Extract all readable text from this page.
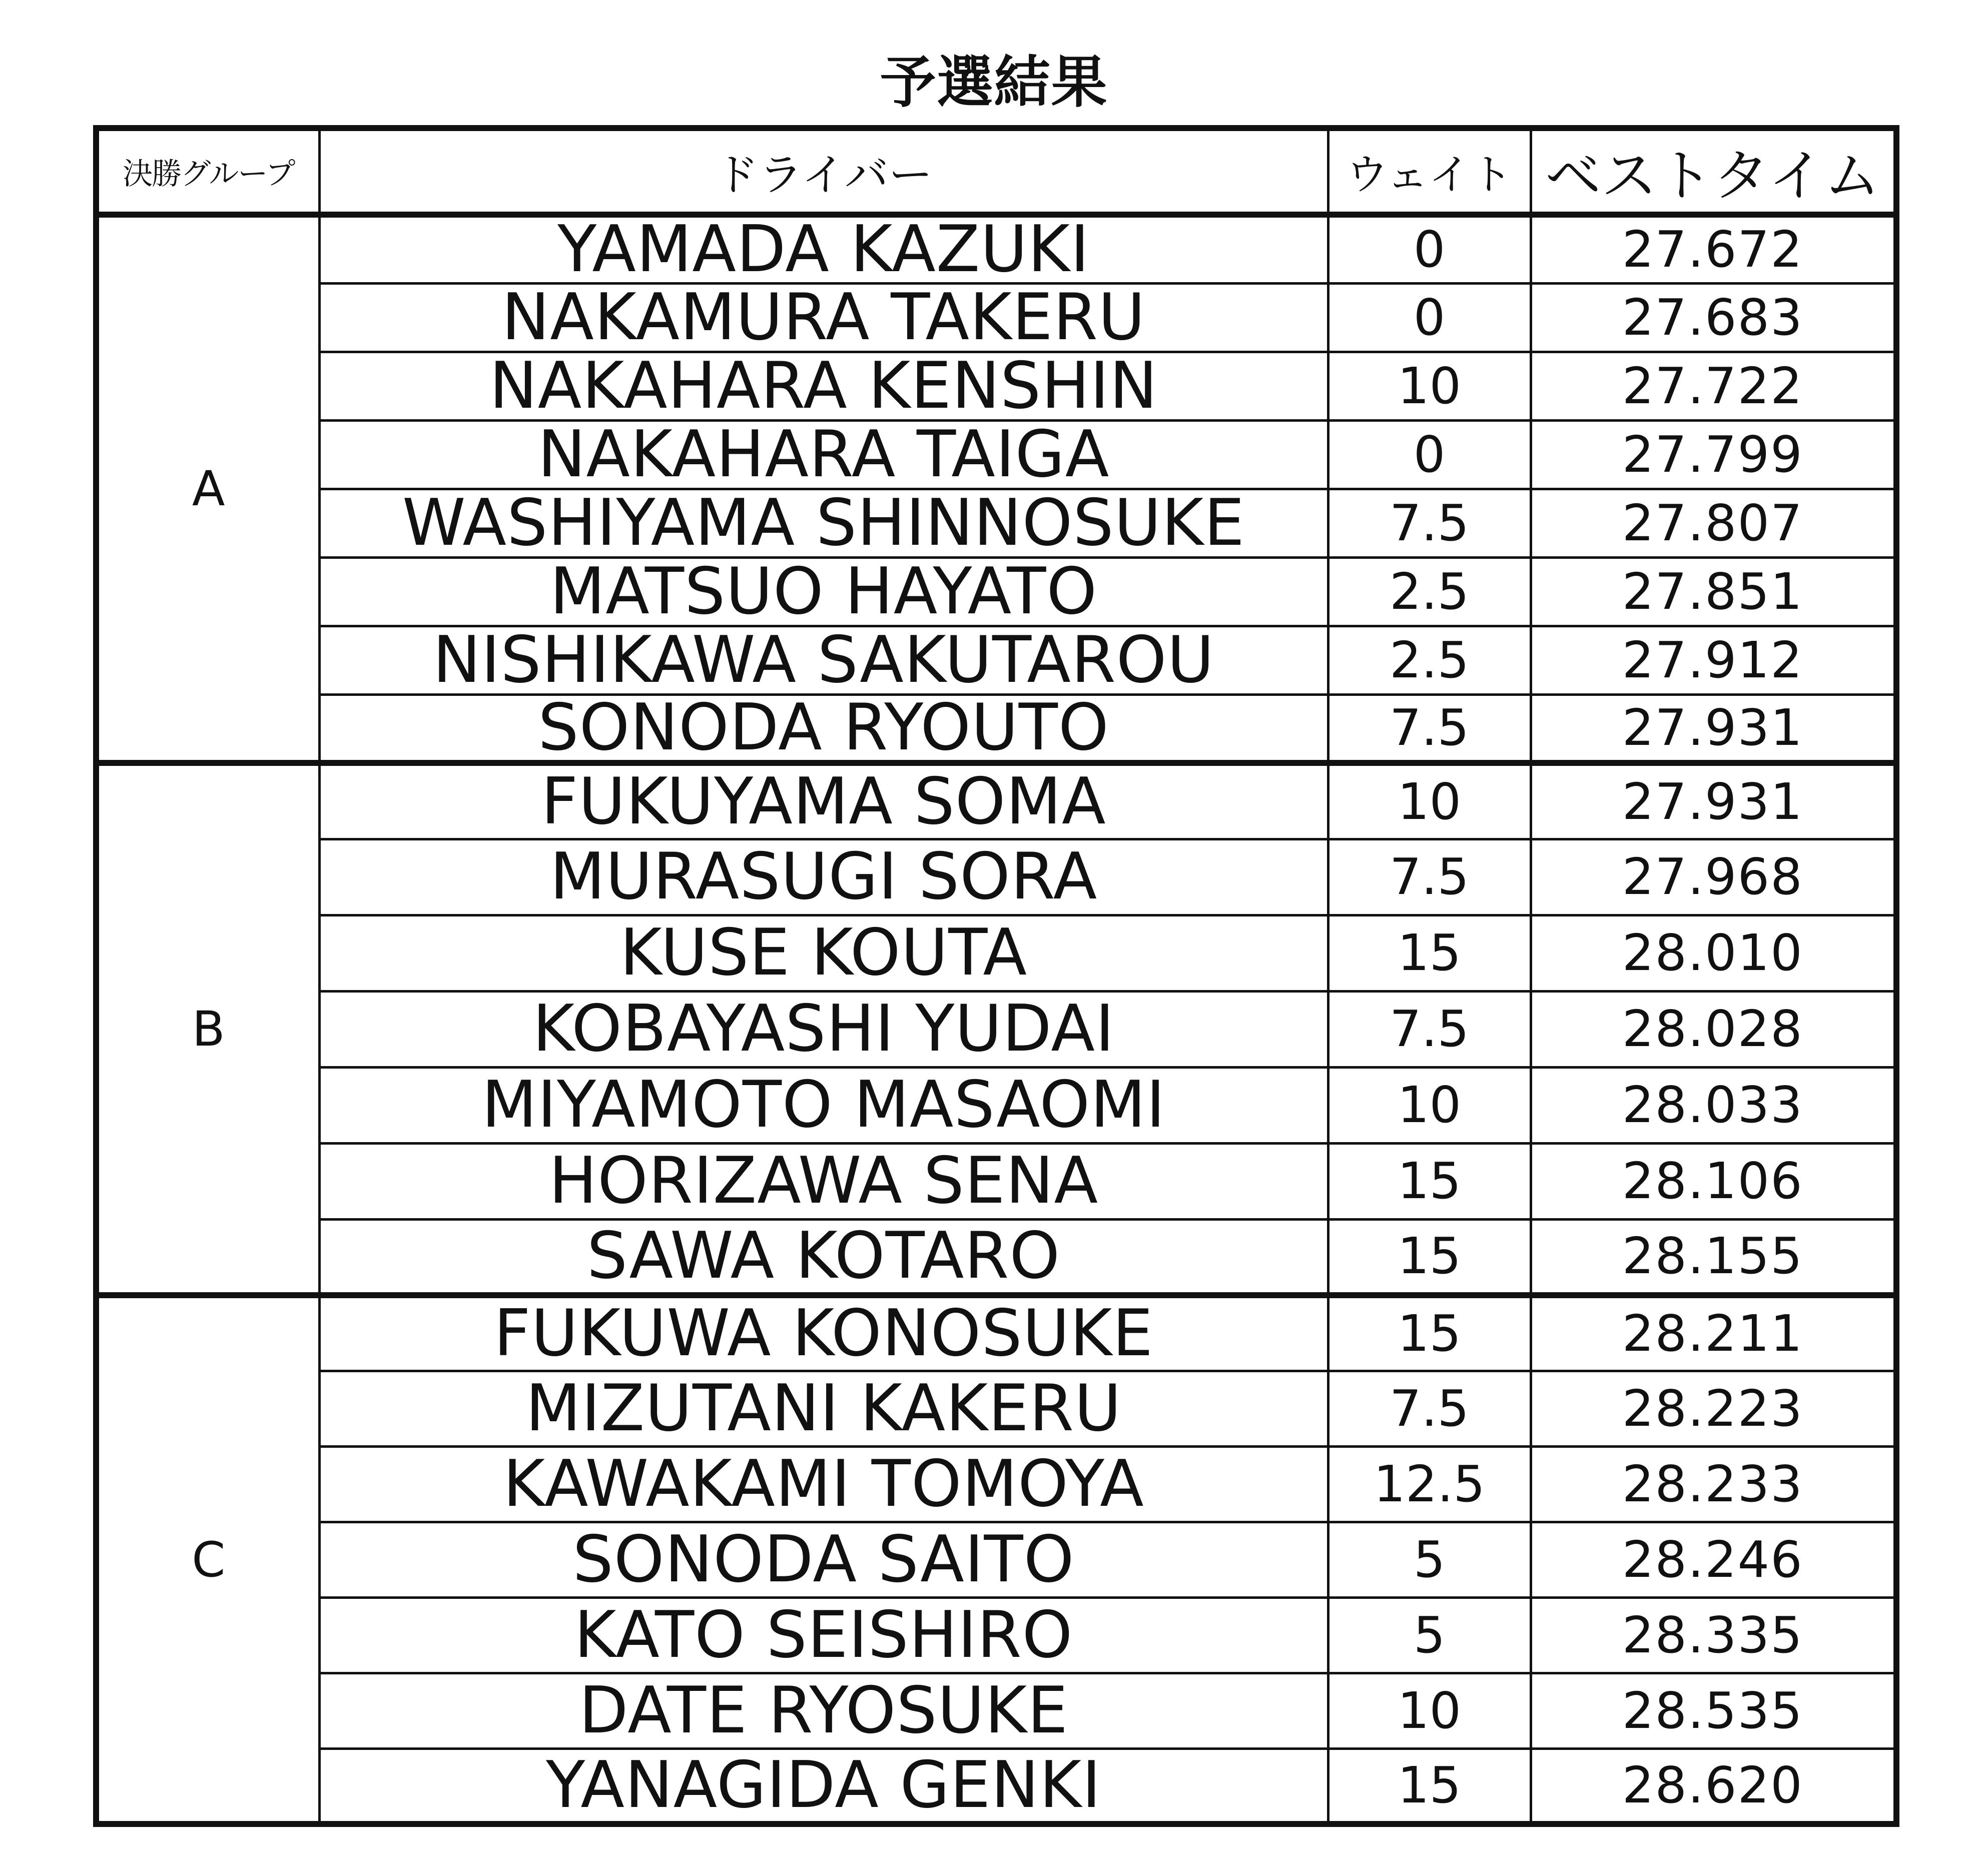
予選結果
決勝グループ	ドライバー	ウェイト	ベストタイム
A	YAMADA KAZUKI	0	27.672
	NAKAMURA TAKERU	0	27.683
	NAKAHARA KENSHIN	10	27.722
	NAKAHARA TAIGA	0	27.799
	WASHIYAMA SHINNOSUKE	7.5	27.807
	MATSUO HAYATO	2.5	27.851
	NISHIKAWA SAKUTAROU	2.5	27.912
	SONODA RYOUTO	7.5	27.931
B	FUKUYAMA SOMA	10	27.931
	MURASUGI SORA	7.5	27.968
	KUSE KOUTA	15	28.010
	KOBAYASHI YUDAI	7.5	28.028
	MIYAMOTO MASAOMI	10	28.033
	HORIZAWA SENA	15	28.106
	SAWA KOTARO	15	28.155
C	FUKUWA KONOSUKE	15	28.211
	MIZUTANI KAKERU	7.5	28.223
	KAWAKAMI TOMOYA	12.5	28.233
	SONODA SAITO	5	28.246
	KATO SEISHIRO	5	28.335
	DATE RYOSUKE	10	28.535
	YANAGIDA GENKI	15	28.620
